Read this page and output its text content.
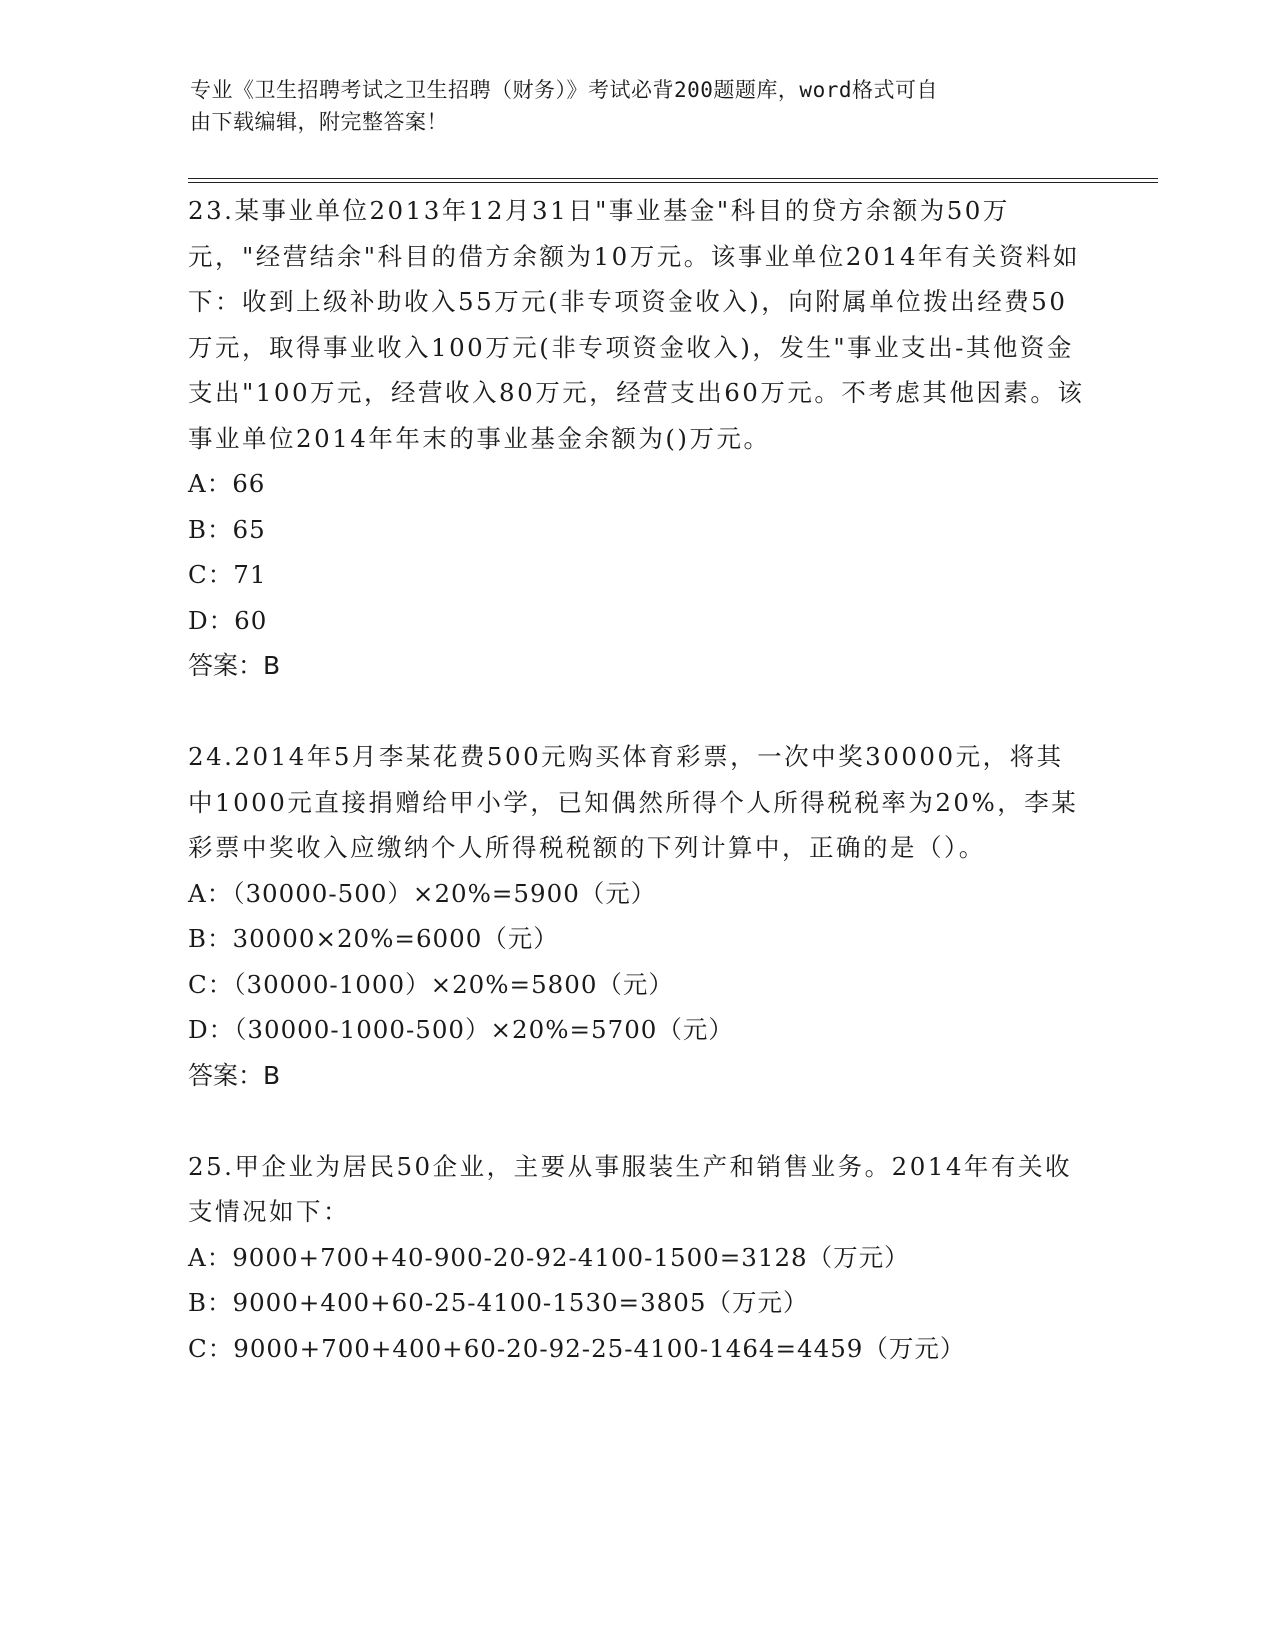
专业《卫生招聘考试之卫生招聘（财务）》考试必背200题题库，word格式可自
由下载编辑，附完整答案！

23.某事业单位2013年12月31日"事业基金"科目的贷方余额为50万元，"经营结余"科目的借方余额为10万元。该事业单位2014年有关资料如下：收到上级补助收入55万元(非专项资金收入)，向附属单位拨出经费50万元，取得事业收入100万元(非专项资金收入)，发生"事业支出-其他资金支出"100万元，经营收入80万元，经营支出60万元。不考虑其他因素。该事业单位2014年年末的事业基金余额为()万元。

A：66

B：65

C：71

D：60

答案：B

24.2014年5月李某花费500元购买体育彩票，一次中奖30000元，将其中1000元直接捐赠给甲小学，已知偶然所得个人所得税税率为20%，李某彩票中奖收入应缴纳个人所得税税额的下列计算中，正确的是（）。

A：（30000-500）×20%=5900（元）

B：30000×20%=6000（元）

C：（30000-1000）×20%=5800（元）

D：（30000-1000-500）×20%=5700（元）

答案：B

25.甲企业为居民50企业，主要从事服装生产和销售业务。2014年有关收支情况如下：

A：9000+700+40-900-20-92-4100-1500=3128（万元）

B：9000+400+60-25-4100-1530=3805（万元）

C：9000+700+400+60-20-92-25-4100-1464=4459（万元）
